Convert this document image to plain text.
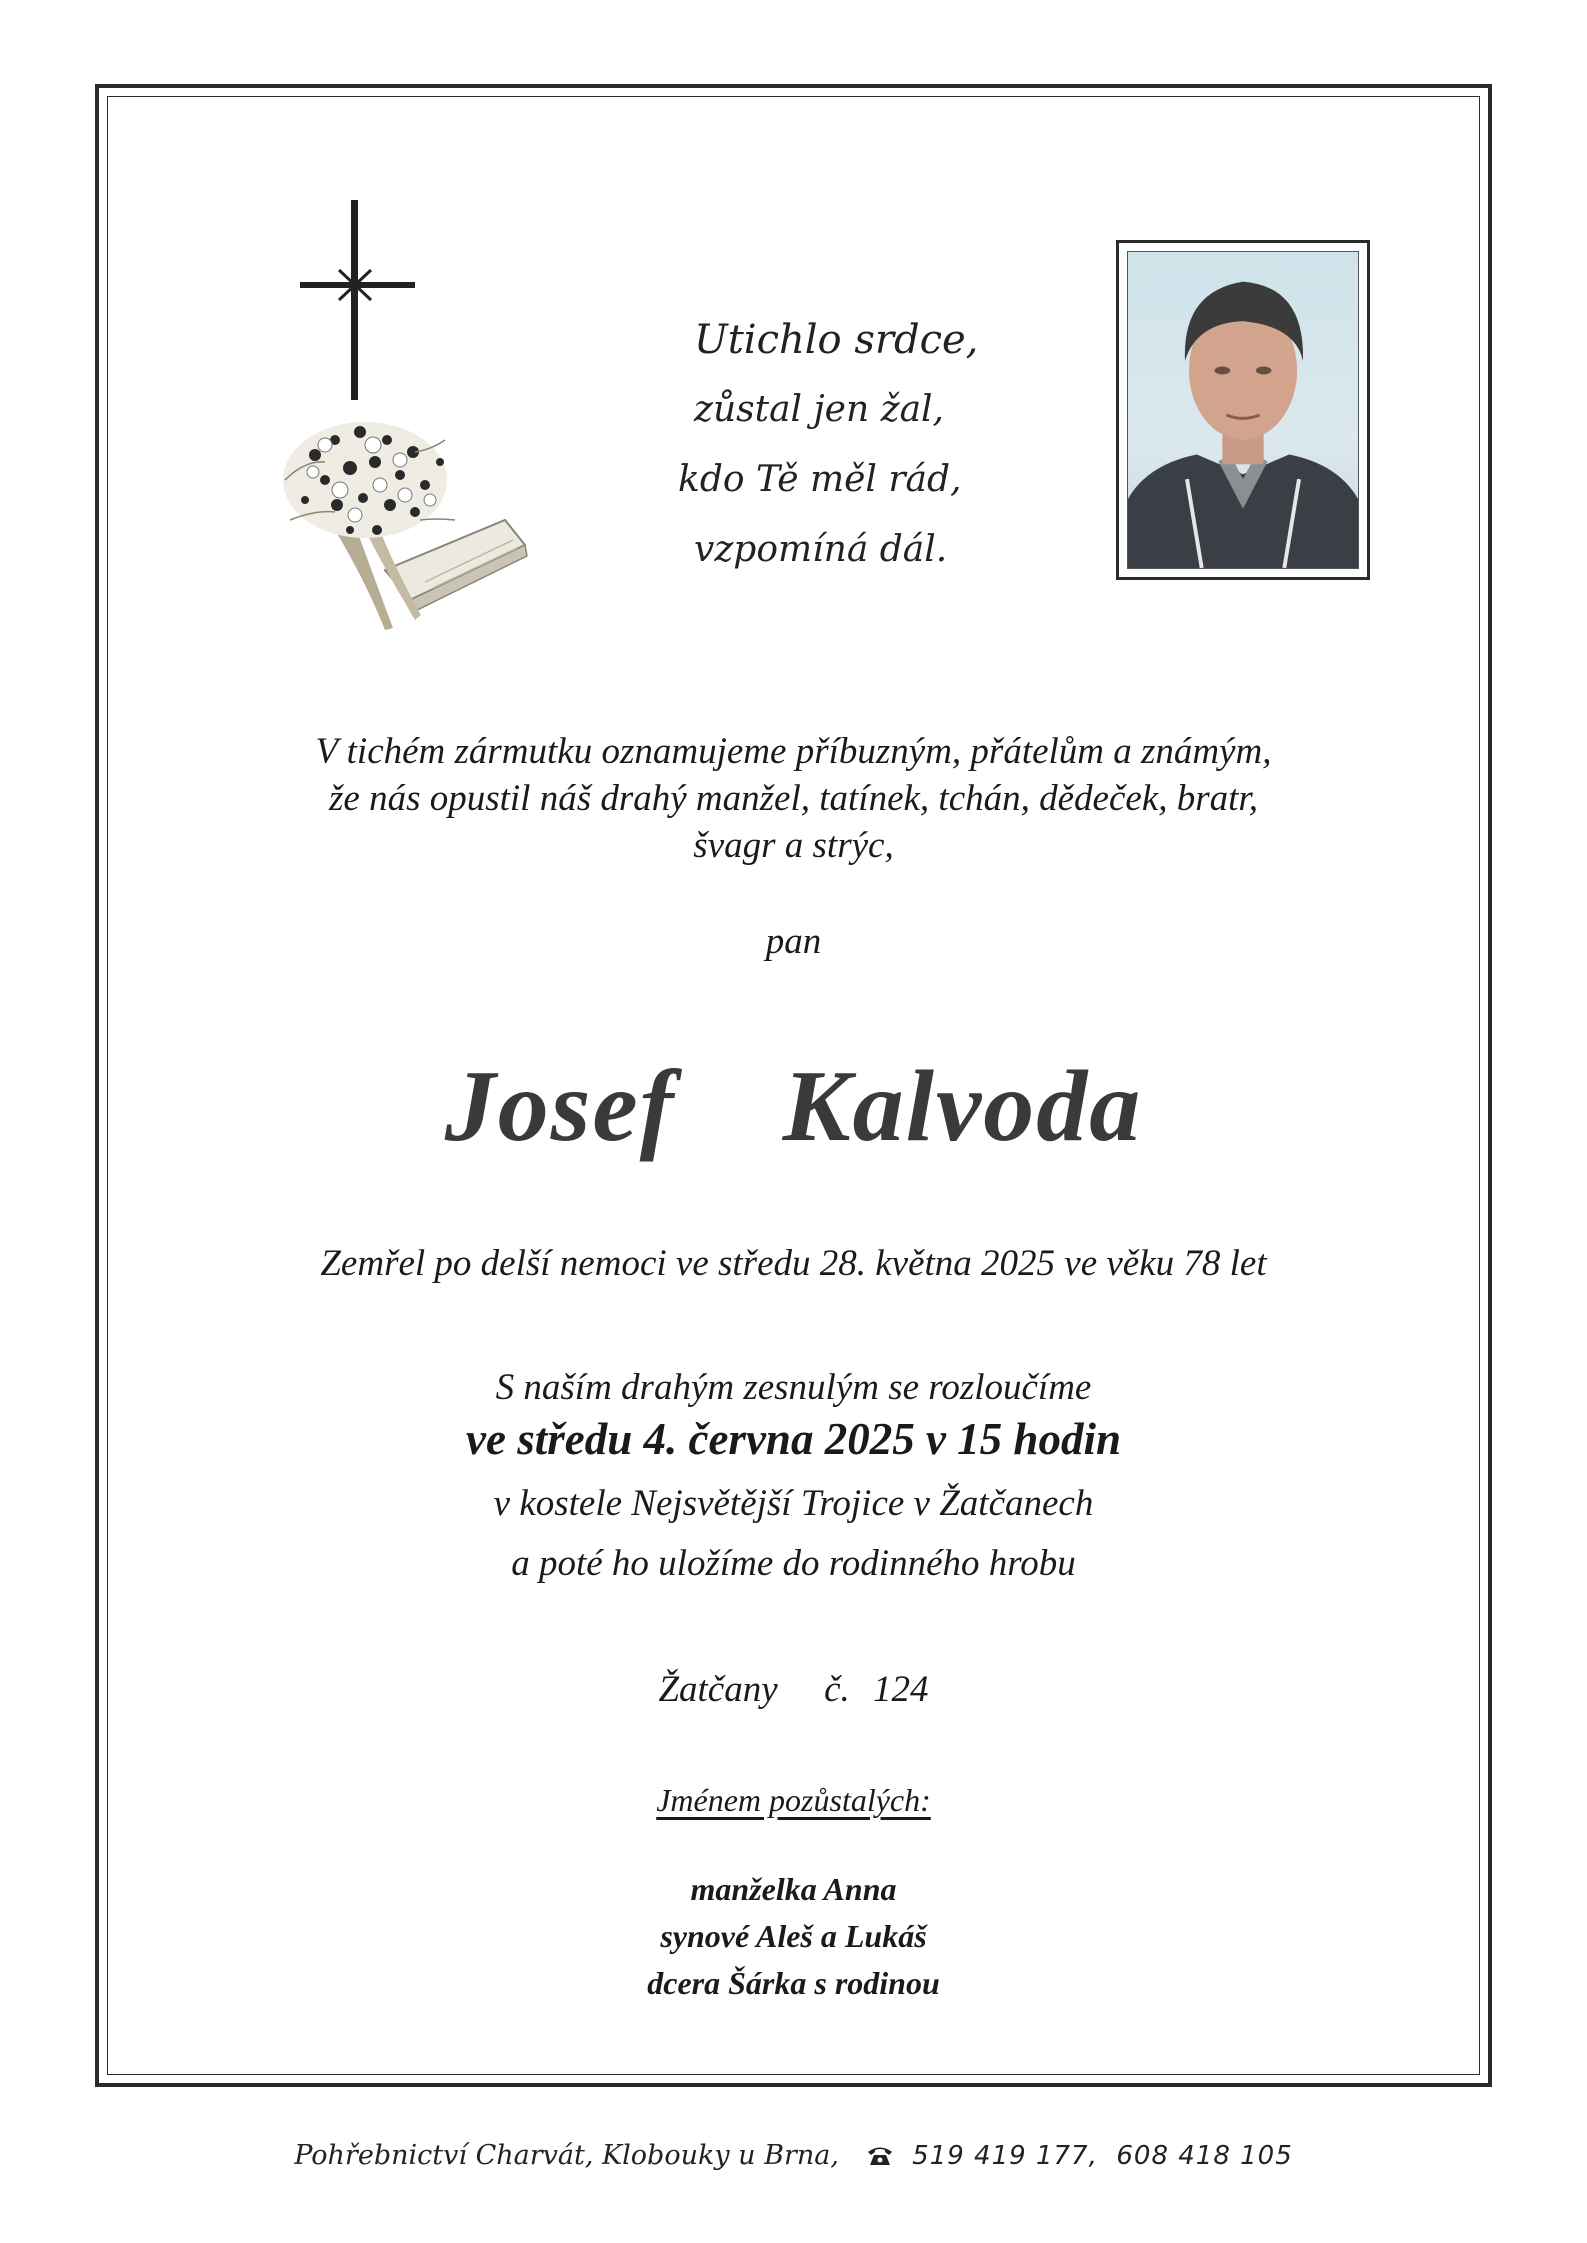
Utichlo srdce,
zůstal jen žal,
kdo Tě měl rád,
vzpomíná dál.
V tichém zármutku oznamujeme příbuzným, přátelům a známým,
že nás opustil náš drahý manžel, tatínek, tchán, dědeček, bratr,
švagr a strýc,
pan
Josef  Kalvoda
Zemřel po delší nemoci ve středu 28. května 2025 ve věku 78 let
S naším drahým zesnulým se rozloučíme
ve středu 4. června 2025 v 15 hodin
v kostele Nejsvětější Trojice v Žatčanech
a poté ho uložíme do rodinného hrobu
Žatčany  č. 124
Jménem pozůstalých:
manželka Anna
synové Aleš a Lukáš
dcera Šárka s rodinou
Pohřebnictví Charvát, Klobouky u Brna,	519 419 177,  608 418 105
